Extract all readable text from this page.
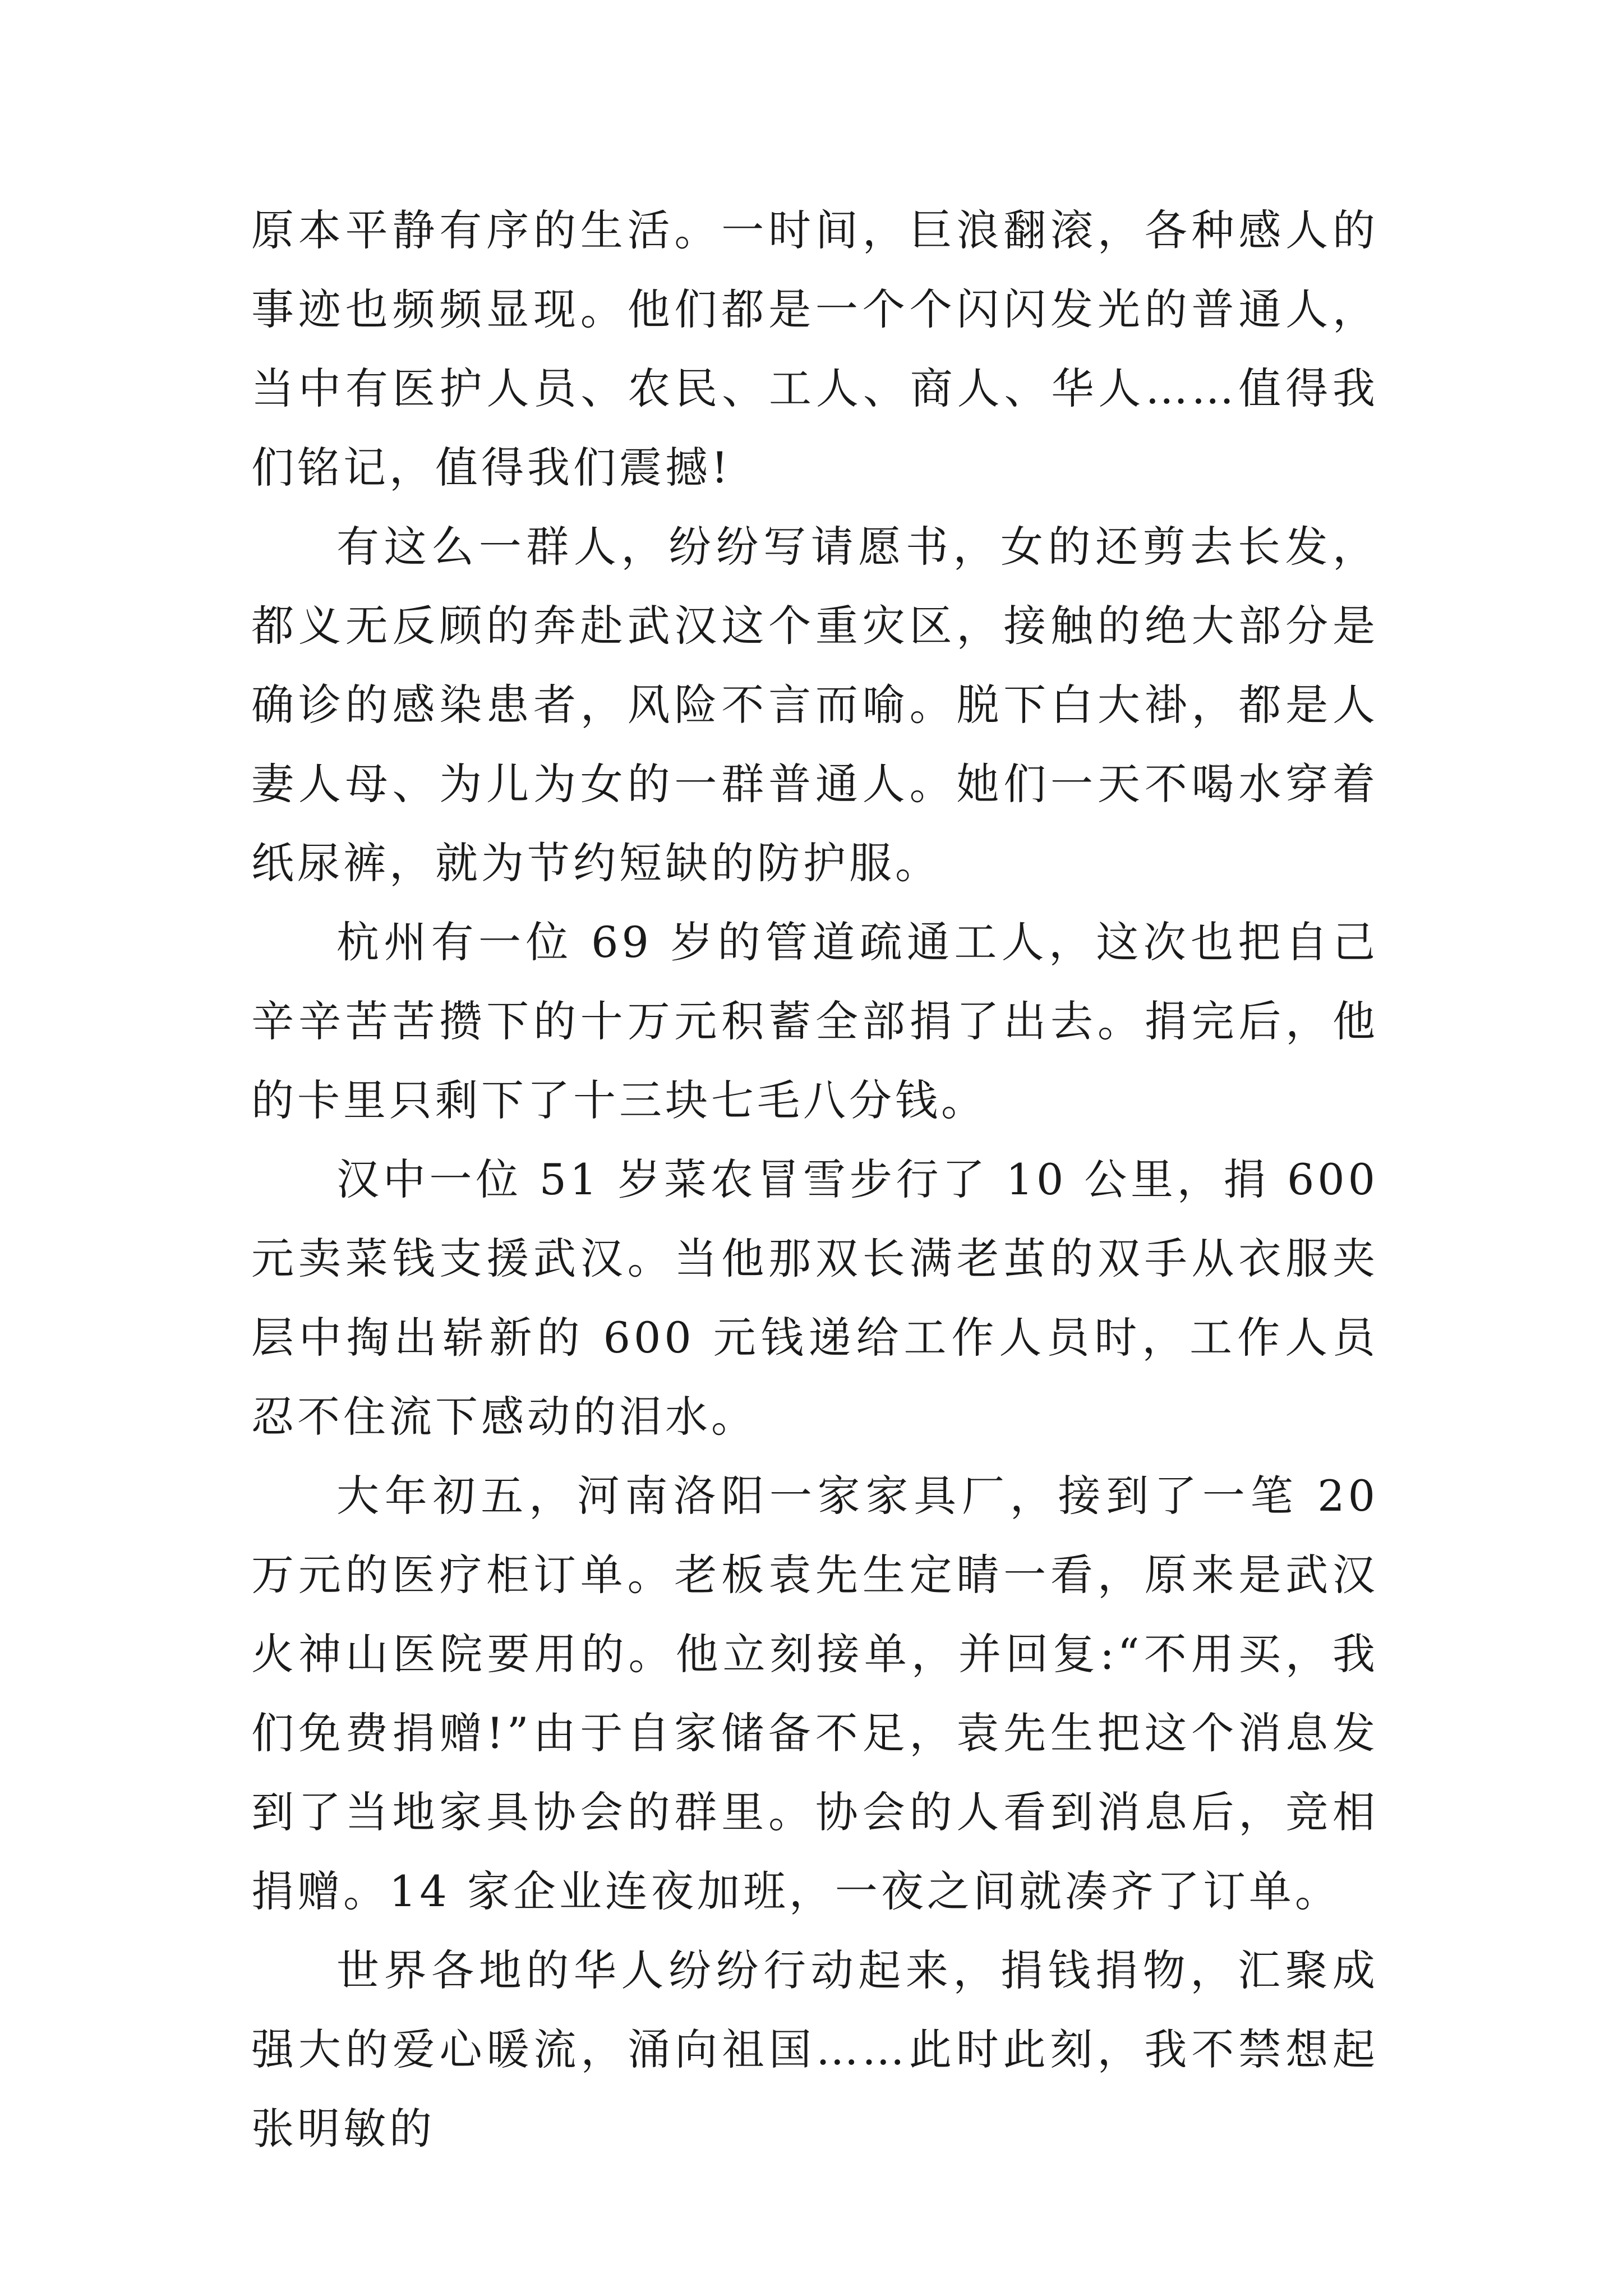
原本平静有序的生活。一时间，巨浪翻滚，各种感人的事迹也频频显现。他们都是一个个闪闪发光的普通人，当中有医护人员、农民、工人、商人、华人……值得我们铭记，值得我们震撼!

有这么一群人，纷纷写请愿书，女的还剪去长发，都义无反顾的奔赴武汉这个重灾区，接触的绝大部分是确诊的感染患者，风险不言而喻。脱下白大褂，都是人妻人母、为儿为女的一群普通人。她们一天不喝水穿着纸尿裤，就为节约短缺的防护服。

杭州有一位 69 岁的管道疏通工人，这次也把自己辛辛苦苦攒下的十万元积蓄全部捐了出去。捐完后，他的卡里只剩下了十三块七毛八分钱。

汉中一位 51 岁菜农冒雪步行了 10 公里，捐 600 元卖菜钱支援武汉。当他那双长满老茧的双手从衣服夹层中掏出崭新的 600 元钱递给工作人员时，工作人员忍不住流下感动的泪水。

大年初五，河南洛阳一家家具厂，接到了一笔 20 万元的医疗柜订单。老板袁先生定睛一看，原来是武汉火神山医院要用的。他立刻接单，并回复:“不用买，我们免费捐赠!”由于自家储备不足，袁先生把这个消息发到了当地家具协会的群里。协会的人看到消息后，竞相捐赠。14 家企业连夜加班，一夜之间就凑齐了订单。

世界各地的华人纷纷行动起来，捐钱捐物，汇聚成强大的爱心暖流，涌向祖国……此时此刻，我不禁想起张明敏的
